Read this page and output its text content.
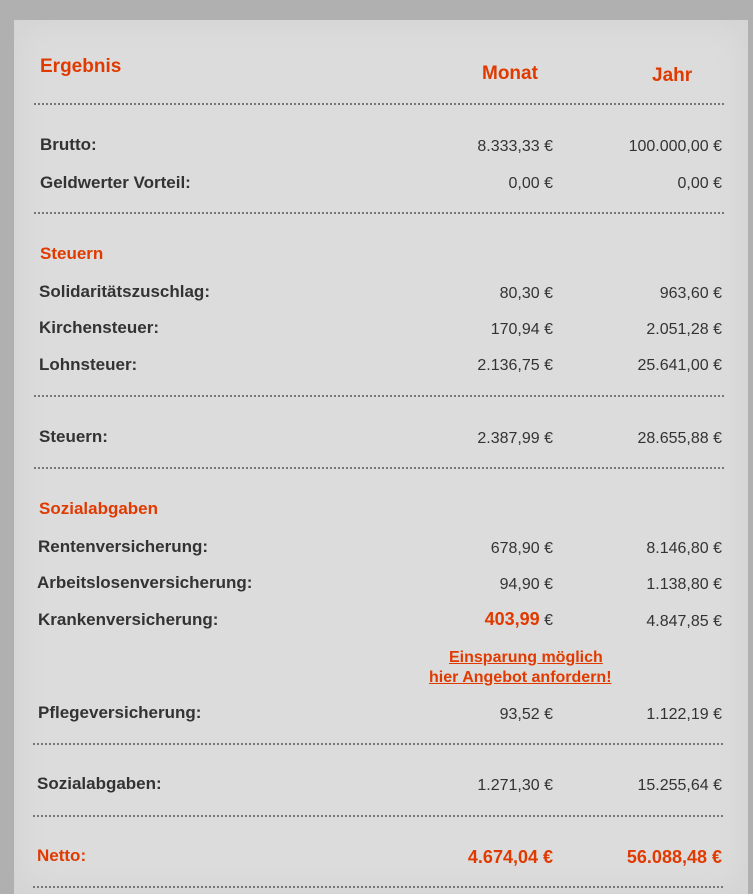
Ergebnis	Monat	Jahr
Brutto:	8.333,33 €	100.000,00 €
Geldwerter Vorteil:	0,00 €	0,00 €
Steuern
Solidaritätszuschlag:	80,30 €	963,60 €
Kirchensteuer:	170,94 €	2.051,28 €
Lohnsteuer:	2.136,75 €	25.641,00 €
Steuern:	2.387,99 €	28.655,88 €
Sozialabgaben
Rentenversicherung:	678,90 €	8.146,80 €
Arbeitslosenversicherung:	94,90 €	1.138,80 €
Krankenversicherung:	403,99 €	4.847,85 €
Einsparung möglich
hier Angebot anfordern!
Pflegeversicherung:	93,52 €	1.122,19 €
Sozialabgaben:	1.271,30 €	15.255,64 €
Netto:	4.674,04 €	56.088,48 €
